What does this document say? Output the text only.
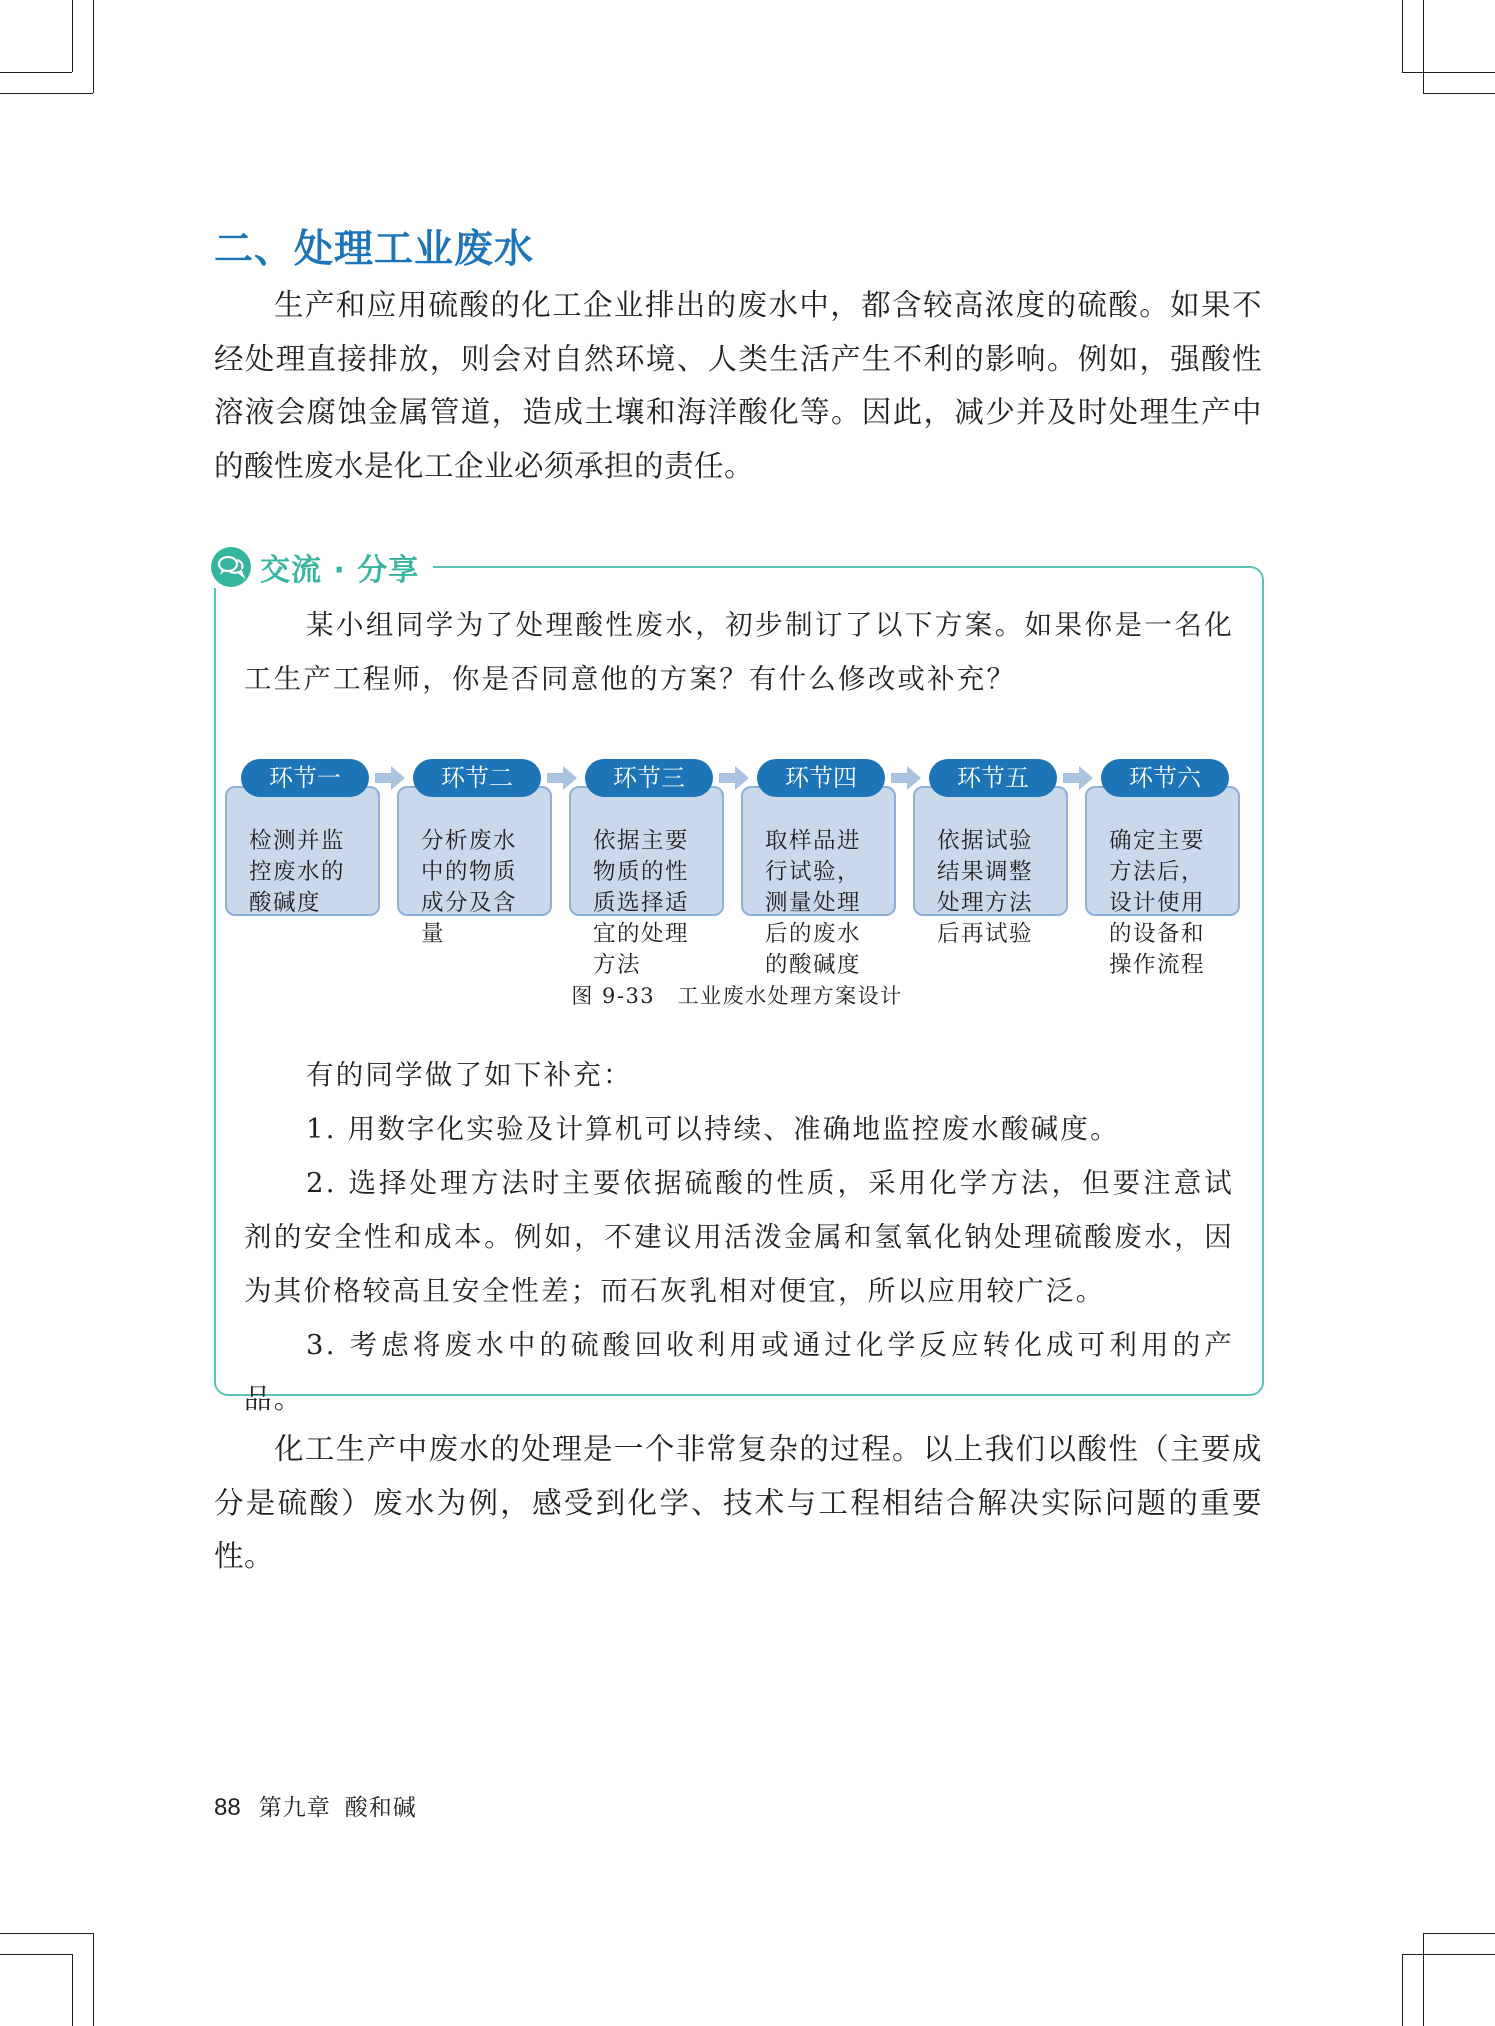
二、处理工业废水

生产和应用硫酸的化工企业排出的废水中，都含较高浓度的硫酸。如果不经处理直接排放，则会对自然环境、人类生活产生不利的影响。例如，强酸性溶液会腐蚀金属管道，造成土壤和海洋酸化等。因此，减少并及时处理生产中的酸性废水是化工企业必须承担的责任。

交流 · 分享

某小组同学为了处理酸性废水，初步制订了以下方案。如果你是一名化工生产工程师，你是否同意他的方案？有什么修改或补充？

环节一
检测并监控废水的酸碱度
环节二
分析废水中的物质成分及含量
环节三
依据主要物质的性质选择适宜的处理方法
环节四
取样品进行试验，测量处理后的废水的酸碱度
环节五
依据试验结果调整处理方法后再试验
环节六
确定主要方法后，设计使用的设备和操作流程

图 9-33　工业废水处理方案设计

有的同学做了如下补充：

1. 用数字化实验及计算机可以持续、准确地监控废水酸碱度。

2. 选择处理方法时主要依据硫酸的性质，采用化学方法，但要注意试剂的安全性和成本。例如，不建议用活泼金属和氢氧化钠处理硫酸废水，因为其价格较高且安全性差；而石灰乳相对便宜，所以应用较广泛。

3. 考虑将废水中的硫酸回收利用或通过化学反应转化成可利用的产品。

化工生产中废水的处理是一个非常复杂的过程。以上我们以酸性（主要成分是硫酸）废水为例，感受到化学、技术与工程相结合解决实际问题的重要性。

88 第九章 酸和碱
